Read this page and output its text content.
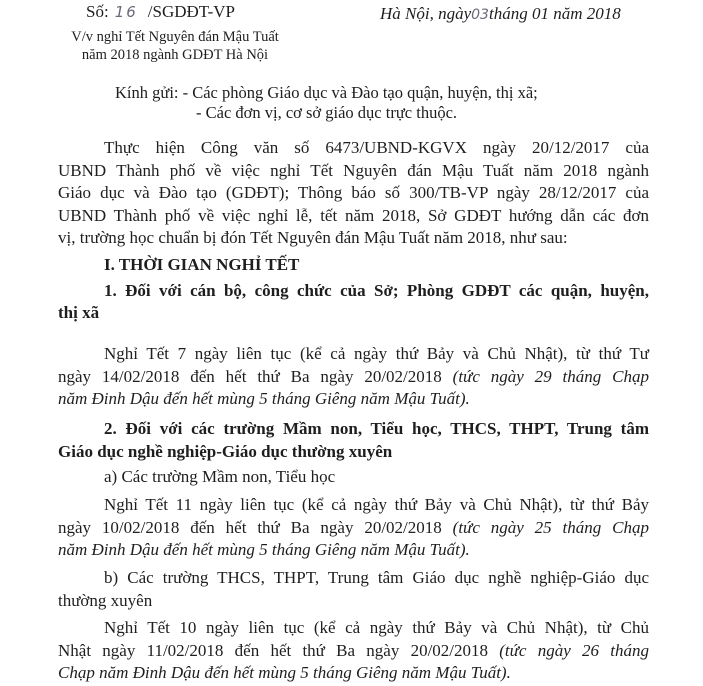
Số: 16 /SGDĐT-VP
V/v nghỉ Tết Nguyên đán Mậu Tuất
năm 2018 ngành GDĐT Hà Nội
Hà Nội, ngày03tháng 01 năm 2018
Kính gửi: - Các phòng Giáo dục và Đào tạo quận, huyện, thị xã;
- Các đơn vị, cơ sở giáo dục trực thuộc.
Thực hiện Công văn số 6473/UBND-KGVX ngày 20/12/2017 của
UBND Thành phố về việc nghỉ Tết Nguyên đán Mậu Tuất năm 2018 ngành
Giáo dục và Đào tạo (GDĐT); Thông báo số 300/TB-VP ngày 28/12/2017 của
UBND Thành phố về việc nghỉ lễ, tết năm 2018, Sở GDĐT hướng dẫn các đơn
vị, trường học chuẩn bị đón Tết Nguyên đán Mậu Tuất năm 2018, như sau:
I. THỜI GIAN NGHỈ TẾT
1. Đối với cán bộ, công chức của Sở; Phòng GDĐT các quận, huyện,
thị xã
Nghỉ Tết 7 ngày liên tục (kể cả ngày thứ Bảy và Chủ Nhật), từ thứ Tư
ngày 14/02/2018 đến hết thứ Ba ngày 20/02/2018 (tức ngày 29 tháng Chạp
năm Đinh Dậu đến hết mùng 5 tháng Giêng năm Mậu Tuất).
2. Đối với các trường Mầm non, Tiểu học, THCS, THPT, Trung tâm
Giáo dục nghề nghiệp-Giáo dục thường xuyên
a) Các trường Mầm non, Tiểu học
Nghỉ Tết 11 ngày liên tục (kể cả ngày thứ Bảy và Chủ Nhật), từ thứ Bảy
ngày 10/02/2018 đến hết thứ Ba ngày 20/02/2018 (tức ngày 25 tháng Chạp
năm Đinh Dậu đến hết mùng 5 tháng Giêng năm Mậu Tuất).
b) Các trường THCS, THPT, Trung tâm Giáo dục nghề nghiệp-Giáo dục
thường xuyên
Nghỉ Tết 10 ngày liên tục (kể cả ngày thứ Bảy và Chủ Nhật), từ Chủ
Nhật ngày 11/02/2018 đến hết thứ Ba ngày 20/02/2018 (tức ngày 26 tháng
Chạp năm Đinh Dậu đến hết mùng 5 tháng Giêng năm Mậu Tuất).
